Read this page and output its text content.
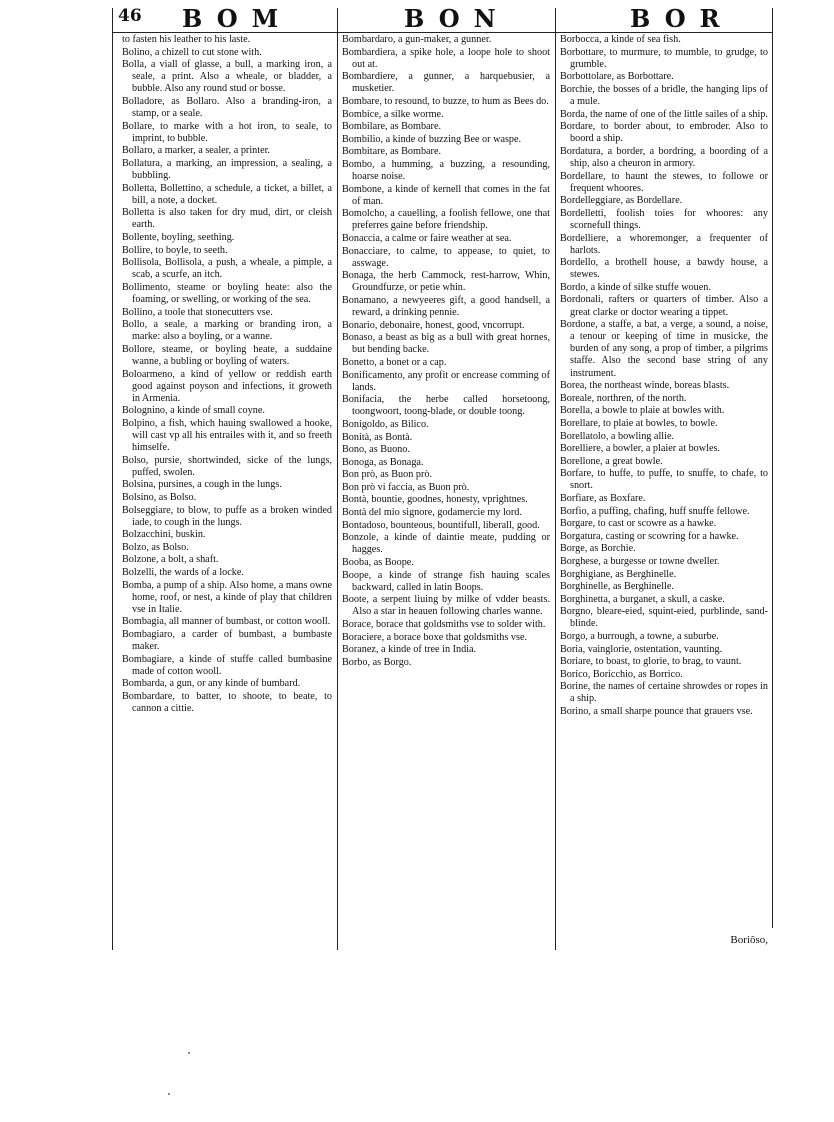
46 BOM	BON	BOR
to fasten his leather to his laste.
Bolino, a chizell to cut stone with.
Bolla, a viall of glasse, a bull, a marking iron, a seale, a print. Also a wheale, or bladder, a bubble. Also any round stud or bosse.
Bolladore, as Bollaro. Also a branding-iron, a stamp, or a seale.
Bollare, to marke with a hot iron, to seale, to imprint, to bubble.
Bollaro, a marker, a sealer, a printer.
Bollatura, a marking, an impression, a sealing, a bubbling.
Bolletta, Bollettino, a schedule, a ticket, a billet, a bill, a note, a docket.
Bolletta is also taken for dry mud, dirt, or cleish earth.
Bollente, boyling, seething.
Bollire, to boyle, to seeth.
Bollisola, Bollisola, a push, a wheale, a pimple, a scab, a scurfe, an itch.
Bollimento, steame or boyling heate: also the foaming, or swelling, or working of the sea.
Bollino, a toole that stonecutters vse.
Bollo, a seale, a marking or branding iron, a marke: also a boyling, or a wanne.
Bollore, steame, or boyling heate, a suddaine wanne, a bubling or boyling of waters.
Boloarmeno, a kind of yellow or reddish earth good against poyson and infections, it groweth in Armenia.
Bolognino, a kinde of small coyne.
Bolpino, a fish, which hauing swallowed a hooke, will cast vp all his entrailes with it, and so freeth himselfe.
Bolso, pursie, shortwinded, sicke of the lungs, puffed, swolen.
Bolsina, pursines, a cough in the lungs.
Bolsino, as Bolso.
Bolseggiare, to blow, to puffe as a broken winded iade, to cough in the lungs.
Bolzacchini, buskin.
Bolzo, as Bolso.
Bolzone, a bolt, a shaft.
Bolzelli, the wards of a locke.
Bomba, a pump of a ship. Also home, a mans owne home, roof, or nest, a kinde of play that children vse in Italie.
Bombagia, all manner of bumbast, or cotton wooll.
Bombagiaro, a carder of bumbast, a bumbaste maker.
Bombagiare, a kinde of stuffe called bumbasine made of cotton wooll.
Bombarda, a gun, or any kinde of bumbard.
Bombardare, to batter, to shoote, to beate, to cannon a cittie.
Bombardaro, a gun-maker, a gunner.
Bombardiera, a spike hole, a loope hole to shoot out at.
Bombardiere, a gunner, a harquebusier, a musketier.
Bombare, to resound, to buzze, to hum as Bees do.
Bombice, a silke worme.
Bombilare, as Bombare.
Bombilio, a kinde of buzzing Bee or waspe.
Bombitare, as Bombare.
Bombo, a humming, a buzzing, a resounding, hoarse noise.
Bombone, a kinde of kernell that comes in the fat of man.
Bomolcho, a cauelling, a foolish fellowe, one that preferres gaine before friendship.
Bonaccia, a calme or faire weather at sea.
Bonacciare, to calme, to appease, to quiet, to asswage.
Bonaga, the herb Cammock, rest-harrow, Whin, Groundfurze, or petie whin.
Bonamano, a newyeeres gift, a good handsell, a reward, a drinking pennie.
Bonario, debonaire, honest, good, vncorrupt.
Bonaso, a beast as big as a bull with great hornes, but bending backe.
Bonetto, a bonet or a cap.
Bonificamento, any profit or encrease comming of lands.
Bonifacia, the herbe called horsetoong, toongwoort, toong-blade, or double toong.
Bonigoldo, as Bilico.
Bonità, as Bontà.
Bono, as Buono.
Bonoga, as Bonaga.
Bon prò, as Buon prò.
Bon prò vi faccia, as Buon prò.
Bontà, bountie, goodnes, honesty, vprightnes.
Bontà del mio signore, godamercie my lord.
Bontadoso, bounteous, bountifull, liberall, good.
Bonzole, a kinde of daintie meate, pudding or hagges.
Booba, as Boope.
Boope, a kinde of strange fish hauing scales backward, called in latin Boops.
Boote, a serpent liuing by milke of vdder beasts. Also a star in heauen following charles wanne.
Borace, borace that goldsmiths vse to solder with.
Boraciere, a borace boxe that goldsmiths vse.
Boranez, a kinde of tree in India.
Borbo, as Borgo.
Borbocca, a kinde of sea fish.
Borbottare, to murmure, to mumble, to grudge, to grumble.
Borbottolare, as Borbottare.
Borchie, the bosses of a bridle, the hanging lips of a mule.
Borda, the name of one of the little sailes of a ship.
Bordare, to border about, to embroder. Also to boord a ship.
Bordatura, a border, a bordring, a boording of a ship, also a cheuron in armory.
Bordellare, to haunt the stewes, to followe or frequent whoores.
Bordelleggiare, as Bordellare.
Bordelletti, foolish toies for whoores: any scornefull things.
Bordelliere, a whoremonger, a frequenter of harlots.
Bordello, a brothell house, a bawdy house, a stewes.
Bordo, a kinde of silke stuffe wouen.
Bordonali, rafters or quarters of timber. Also a great clarke or doctor wearing a tippet.
Bordone, a staffe, a bat, a verge, a sound, a noise, a tenour or keeping of time in musicke, the burden of any song, a prop of timber, a pilgrims staffe. Also the second base string of any instrument.
Borea, the northeast winde, boreas blasts.
Boreale, northren, of the north.
Borella, a bowle to plaie at bowles with.
Borellare, to plaie at bowles, to bowle.
Borellatolo, a bowling allie.
Borelliere, a bowler, a plaier at bowles.
Borellone, a great bowle.
Borfare, to huffe, to puffe, to snuffe, to chafe, to snort.
Borfiare, as Boxfare.
Borfio, a puffing, chafing, huff snuffe fellowe.
Borgare, to cast or scowre as a hawke.
Borgatura, casting or scowring for a hawke.
Borge, as Borchie.
Borghese, a burgesse or towne dweller.
Borghigiane, as Berghinelle.
Borghinelle, as Berghinelle.
Borghinetta, a burganet, a skull, a caske.
Borgno, bleare-eied, squint-eied, purblinde, sand-blinde.
Borgo, a burrough, a towne, a suburbe.
Boria, vainglorie, ostentation, vaunting.
Boriare, to boast, to glorie, to brag, to vaunt.
Borico, Boricchio, as Borrico.
Borine, the names of certaine shrowdes or ropes in a ship.
Borino, a small sharpe pounce that grauers vse.
Boriôso,
